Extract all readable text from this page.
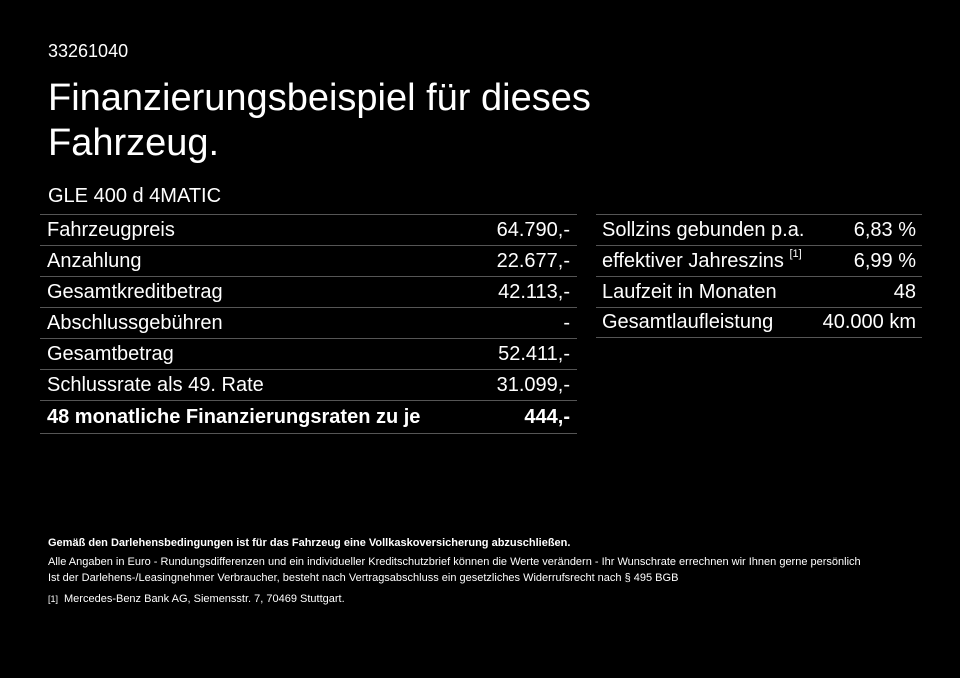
33261040
Finanzierungsbeispiel für dieses Fahrzeug.
GLE 400 d 4MATIC
Fahrzeugpreis	64.790,-
Anzahlung	22.677,-
Gesamtkreditbetrag	42.113,-
Abschlussgebühren	-
Gesamtbetrag	52.411,-
Schlussrate als 49. Rate	31.099,-
48 monatliche Finanzierungsraten zu je	444,-
Sollzins gebunden p.a. 6,83 %
effektiver Jahreszins [1]	6,99 %
Laufzeit in Monaten	48
Gesamtlaufleistung 40.000 km
Gemäß den Darlehensbedingungen ist für das Fahrzeug eine Vollkaskoversicherung abzuschließen.
Alle Angaben in Euro - Rundungsdifferenzen und ein individueller Kreditschutzbrief können die Werte verändern - Ihr Wunschrate errechnen wir Ihnen gerne persönlich
Ist der Darlehens-/Leasingnehmer Verbraucher, besteht nach Vertragsabschluss ein gesetzliches Widerrufsrecht nach § 495 BGB
[1] Mercedes-Benz Bank AG, Siemensstr. 7, 70469 Stuttgart.
